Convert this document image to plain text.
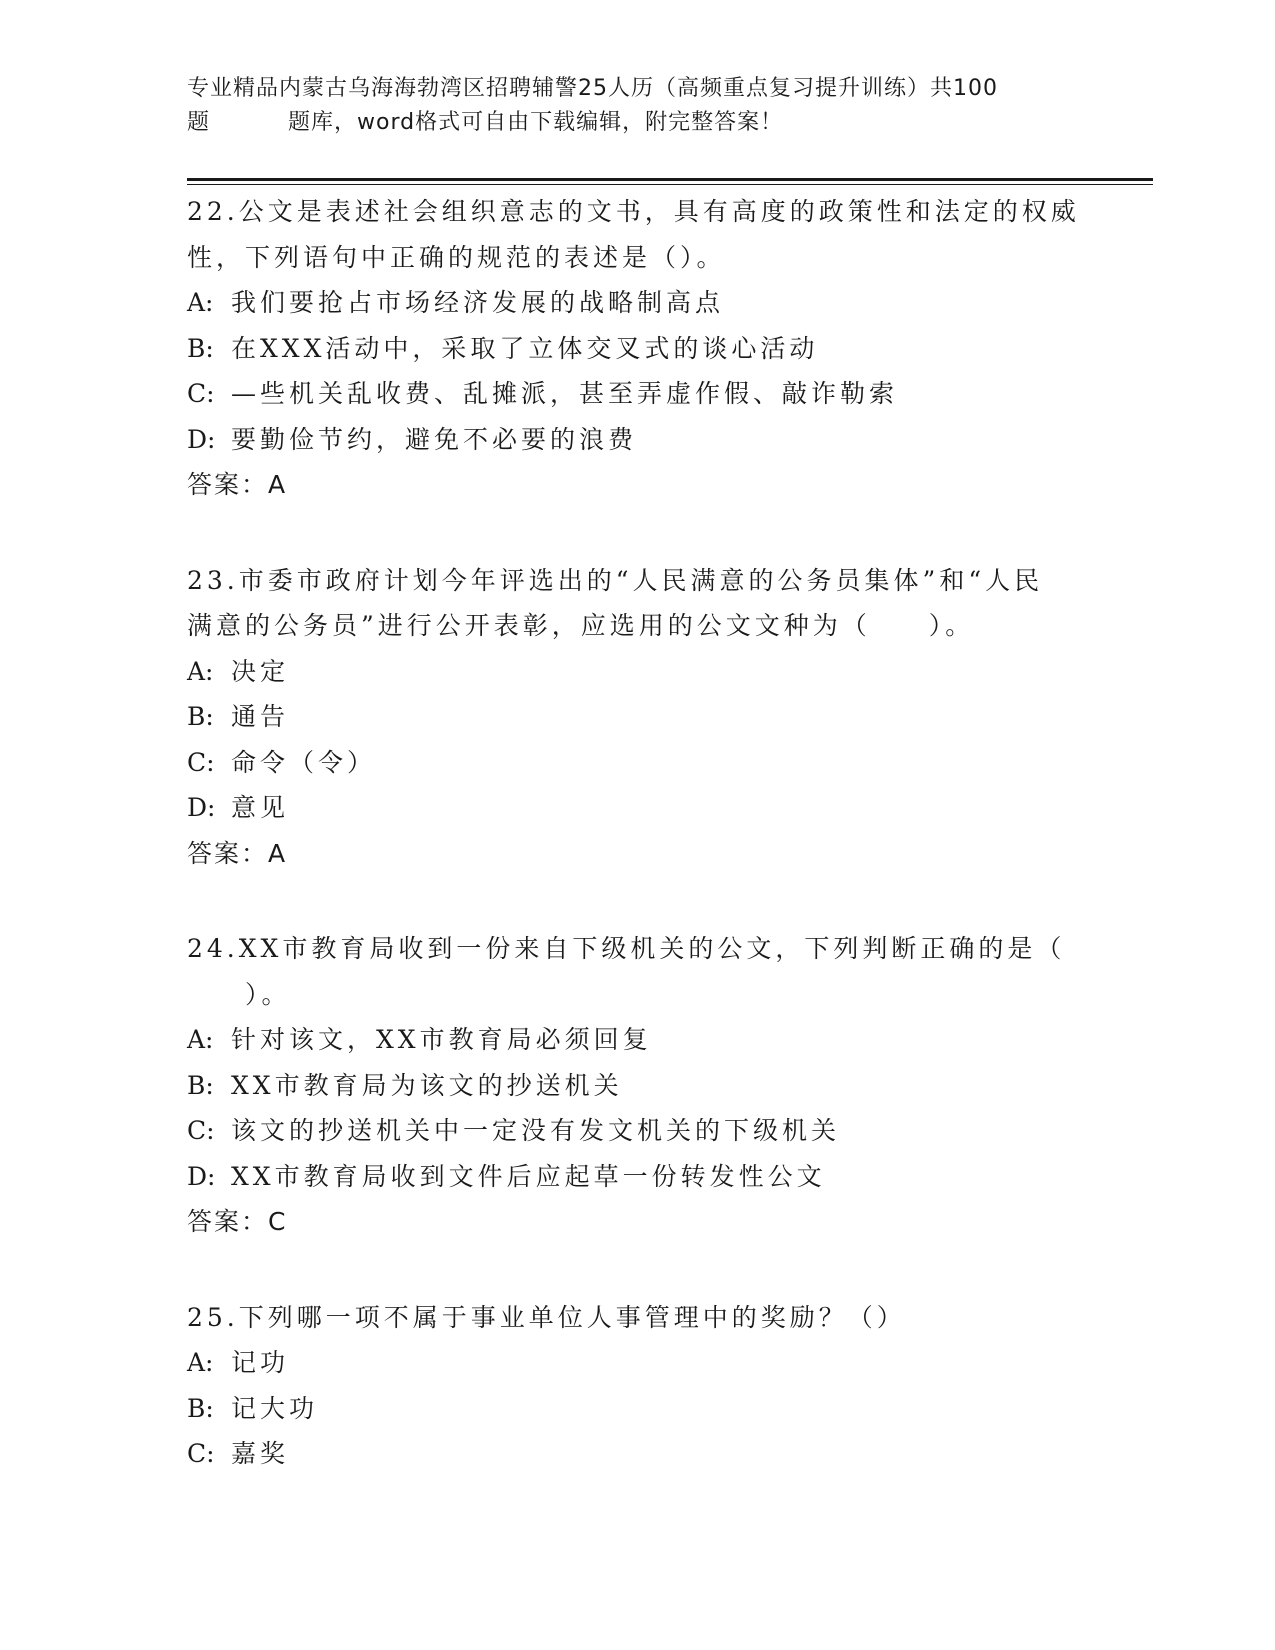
专业精品内蒙古乌海海勃湾区招聘辅警25人历（高频重点复习提升训练）共100
题	题库，word格式可自由下载编辑，附完整答案！
22.公文是表述社会组织意志的文书，具有高度的政策性和法定的权威
性，下列语句中正确的规范的表述是（）。
A: 我们要抢占市场经济发展的战略制高点
B: 在XXX活动中，采取了立体交叉式的谈心活动
C: —些机关乱收费、乱摊派，甚至弄虚作假、敲诈勒索
D: 要勤俭节约，避免不必要的浪费
答案：A
23.市委市政府计划今年评选出的“人民满意的公务员集体”和“人民
满意的公务员”进行公开表彰，应选用的公文文种为（　　）。
A: 决定
B: 通告
C: 命令（令）
D: 意见
答案：A
24.XX市教育局收到一份来自下级机关的公文，下列判断正确的是（
　　）。
A: 针对该文，XX市教育局必须回复
B: XX市教育局为该文的抄送机关
C: 该文的抄送机关中一定没有发文机关的下级机关
D: XX市教育局收到文件后应起草一份转发性公文
答案：C
25.下列哪一项不属于事业单位人事管理中的奖励？（）
A: 记功
B: 记大功
C: 嘉奖
